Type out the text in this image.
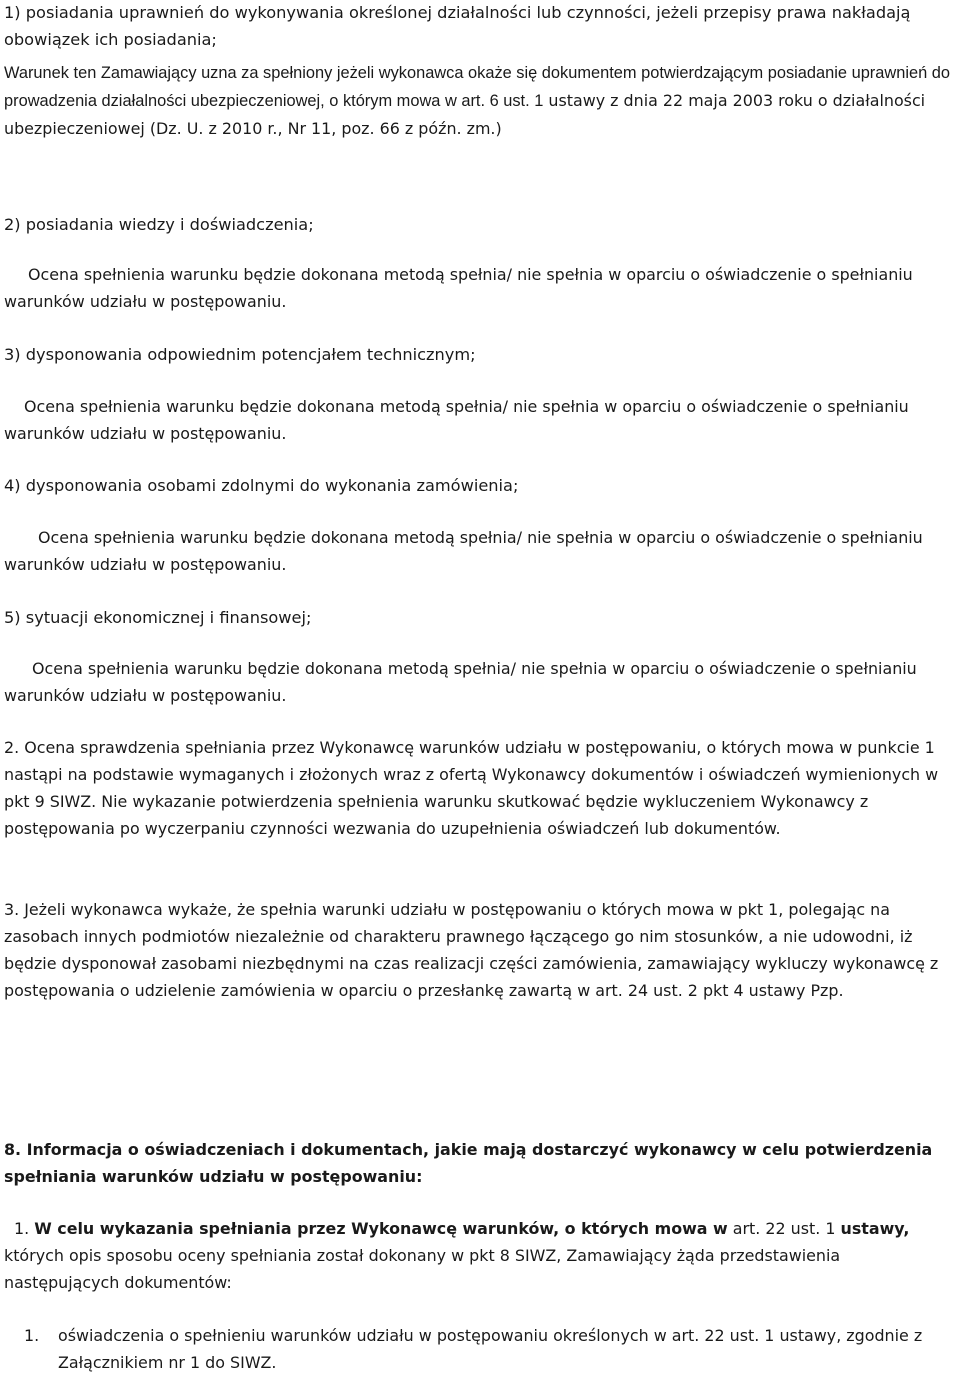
1) posiadania uprawnień do wykonywania określonej działalności lub czynności, jeżeli przepisy prawa nakładają obowiązek ich posiadania;

Warunek ten Zamawiający uzna za spełniony jeżeli wykonawca okaże się dokumentem potwierdzającym posiadanie uprawnień do prowadzenia działalności ubezpieczeniowej, o którym mowa w art. 6 ust. 1 ustawy z dnia 22 maja 2003 roku o działalności ubezpieczeniowej (Dz. U. z 2010 r., Nr 11, poz. 66 z późn. zm.)

2) posiadania wiedzy i doświadczenia;

Ocena spełnienia warunku będzie dokonana metodą spełnia/ nie spełnia w oparciu o oświadczenie o spełnianiu warunków udziału w postępowaniu.

3) dysponowania odpowiednim potencjałem technicznym;

Ocena spełnienia warunku będzie dokonana metodą spełnia/ nie spełnia w oparciu o oświadczenie o spełnianiu warunków udziału w postępowaniu.

4) dysponowania osobami zdolnymi do wykonania zamówienia;

Ocena spełnienia warunku będzie dokonana metodą spełnia/ nie spełnia w oparciu o oświadczenie o spełnianiu warunków udziału w postępowaniu.

5) sytuacji ekonomicznej i finansowej;

Ocena spełnienia warunku będzie dokonana metodą spełnia/ nie spełnia w oparciu o oświadczenie o spełnianiu warunków udziału w postępowaniu.

2. Ocena sprawdzenia spełniania przez Wykonawcę warunków udziału w postępowaniu, o których mowa w punkcie 1 nastąpi na podstawie wymaganych i złożonych wraz z ofertą Wykonawcy dokumentów i oświadczeń wymienionych w pkt 9 SIWZ. Nie wykazanie potwierdzenia spełnienia warunku skutkować będzie wykluczeniem Wykonawcy z postępowania po wyczerpaniu czynności wezwania do uzupełnienia oświadczeń lub dokumentów.

3. Jeżeli wykonawca wykaże, że spełnia warunki udziału w postępowaniu o których mowa w pkt 1, polegając na zasobach innych podmiotów niezależnie od charakteru prawnego łączącego go nim stosunków, a nie udowodni, iż będzie dysponował zasobami niezbędnymi na czas realizacji części zamówienia, zamawiający wykluczy wykonawcę z postępowania o udzielenie zamówienia w oparciu o przesłankę zawartą w art. 24 ust. 2 pkt 4 ustawy Pzp.

8. Informacja o oświadczeniach i dokumentach, jakie mają dostarczyć wykonawcy w celu potwierdzenia spełniania warunków udziału w postępowaniu:

1. W celu wykazania spełniania przez Wykonawcę warunków, o których mowa w art. 22 ust. 1 ustawy, których opis sposobu oceny spełniania został dokonany w pkt 8 SIWZ, Zamawiający żąda przedstawienia następujących dokumentów:

1. oświadczenia o spełnieniu warunków udziału w postępowaniu określonych w art. 22 ust. 1 ustawy, zgodnie z Załącznikiem nr 1 do SIWZ.
